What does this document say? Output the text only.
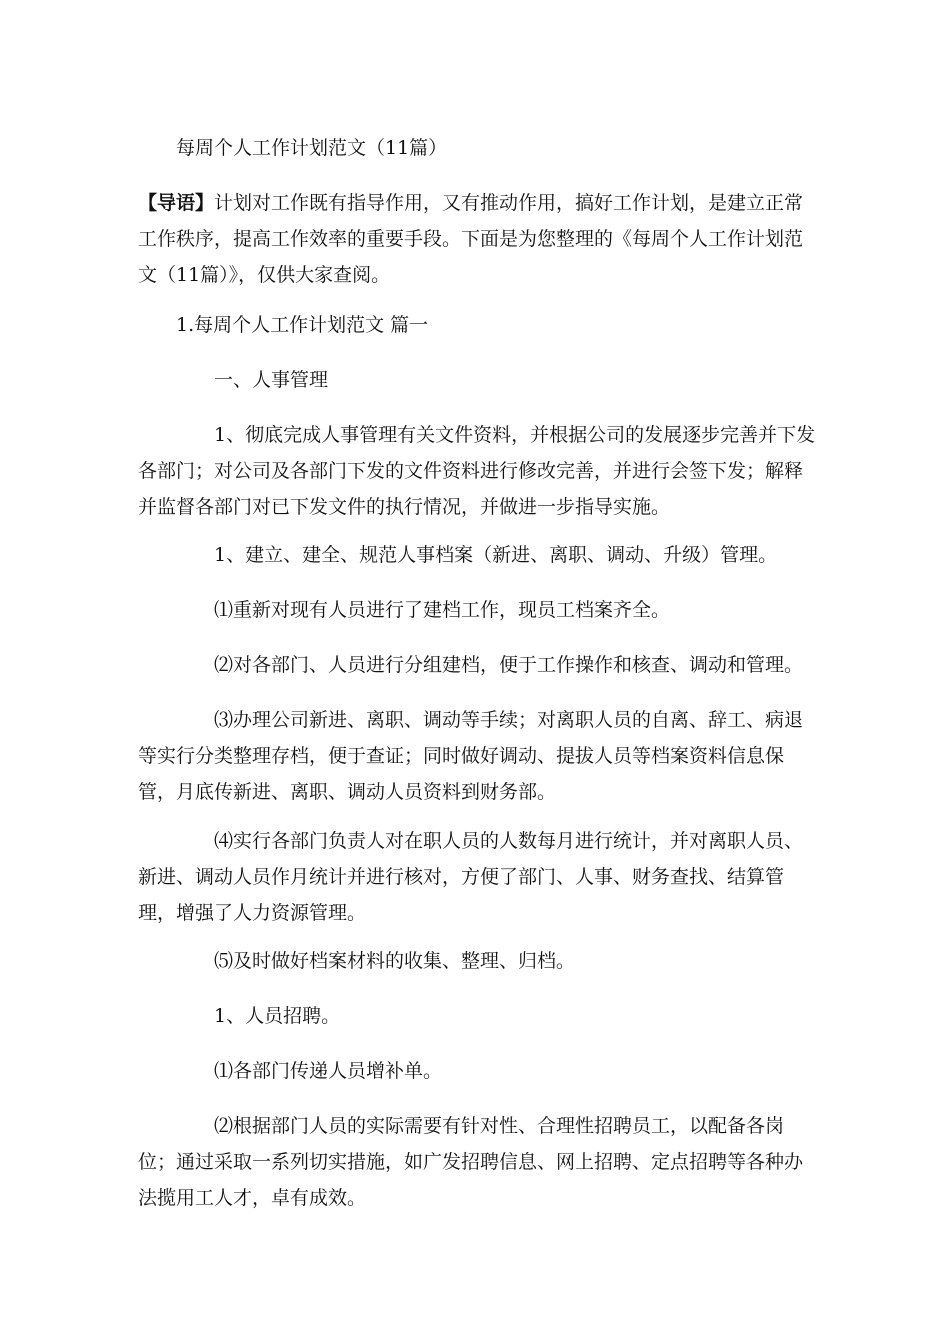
每周个人工作计划范文（11篇）

【导语】计划对工作既有指导作用，又有推动作用，搞好工作计划，是建立正常工作秩序，提高工作效率的重要手段。下面是为您整理的《每周个人工作计划范文（11篇）》，仅供大家查阅。

1.每周个人工作计划范文 篇一

一、人事管理

1、彻底完成人事管理有关文件资料，并根据公司的发展逐步完善并下发各部门；对公司及各部门下发的文件资料进行修改完善，并进行会签下发；解释并监督各部门对已下发文件的执行情况，并做进一步指导实施。

1、建立、建全、规范人事档案（新进、离职、调动、升级）管理。

⑴重新对现有人员进行了建档工作，现员工档案齐全。

⑵对各部门、人员进行分组建档，便于工作操作和核查、调动和管理。

⑶办理公司新进、离职、调动等手续；对离职人员的自离、辞工、病退等实行分类整理存档，便于查证；同时做好调动、提拔人员等档案资料信息保管，月底传新进、离职、调动人员资料到财务部。

⑷实行各部门负责人对在职人员的人数每月进行统计，并对离职人员、新进、调动人员作月统计并进行核对，方便了部门、人事、财务查找、结算管理，增强了人力资源管理。

⑸及时做好档案材料的收集、整理、归档。

1、人员招聘。

⑴各部门传递人员增补单。

⑵根据部门人员的实际需要有针对性、合理性招聘员工，以配备各岗位；通过采取一系列切实措施，如广发招聘信息、网上招聘、定点招聘等各种办法揽用工人才，卓有成效。
